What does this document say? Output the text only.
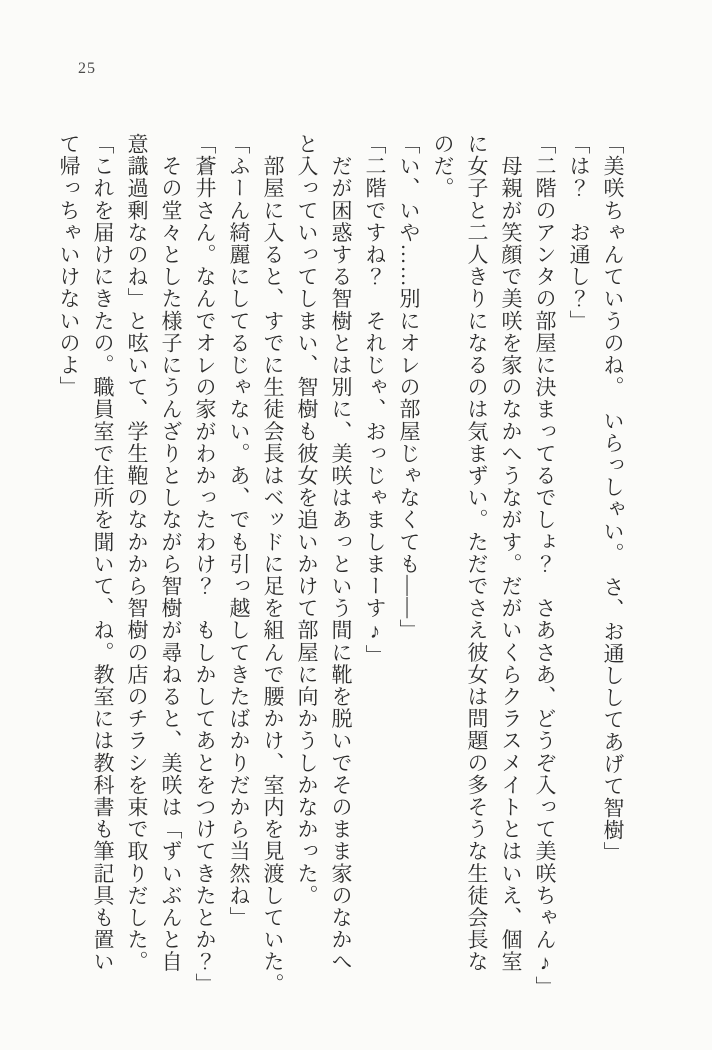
25
「美咲ちゃんていうのね。　いらっしゃい。　さ、お通ししてあげて智樹」
「は？　お通し？」
「二階のアンタの部屋に決まってるでしょ？　さあさあ、どうぞ入って美咲ちゃん♪」
　母親が笑顔で美咲を家のなかへうながす。だがいくらクラスメイトとはいえ、個室
に女子と二人きりになるのは気まずい。ただでさえ彼女は問題の多そうな生徒会長な
のだ。
「い、いや……別にオレの部屋じゃなくても――」
「二階ですね？　それじゃ、おっじゃましまーす♪」
　だが困惑する智樹とは別に、美咲はあっという間に靴を脱いでそのまま家のなかへ
と入っていってしまい、智樹も彼女を追いかけて部屋に向かうしかなかった。
　部屋に入ると、すでに生徒会長はベッドに足を組んで腰かけ、室内を見渡していた。
「ふーん綺麗にしてるじゃない。あ、でも引っ越してきたばかりだから当然ね」
「蒼井さん。なんでオレの家がわかったわけ？　もしかしてあとをつけてきたとか？」
　その堂々とした様子にうんざりとしながら智樹が尋ねると、美咲は「ずいぶんと自
意識過剰なのね」と呟いて、学生鞄のなかから智樹の店のチラシを束で取りだした。
「これを届けにきたの。職員室で住所を聞いて、ね。教室には教科書も筆記具も置い
て帰っちゃいけないのよ」
